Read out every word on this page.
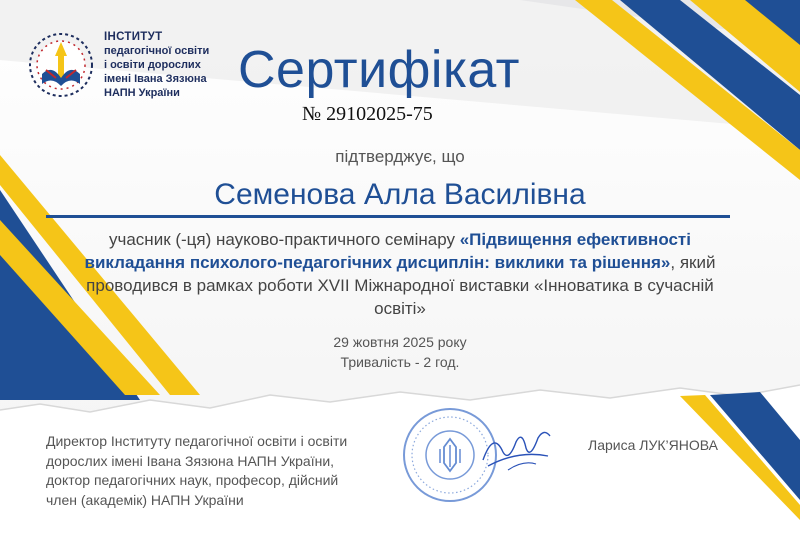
ІНСТИТУТ
педагогічної освіти
і освіти дорослих
імені Івана Зязюна
НАПН України	Сертифікат
№ 29102025-75
підтверджує, що
Семенова Алла Василівна
учасник (-ця) науково-практичного семінару «Підвищення ефективності викладання психолого-педагогічних дисциплін: виклики та рішення», який проводився в рамках роботи XVII Міжнародної виставки «Інноватика в сучасній освіті»
29 жовтня 2025 року
Тривалість - 2 год.
Директор Інституту педагогічної освіти і освіти дорослих імені Івана Зязюна НАПН України, доктор педагогічних наук, професор, дійсний член (академік) НАПН України
Лариса ЛУК’ЯНОВА
